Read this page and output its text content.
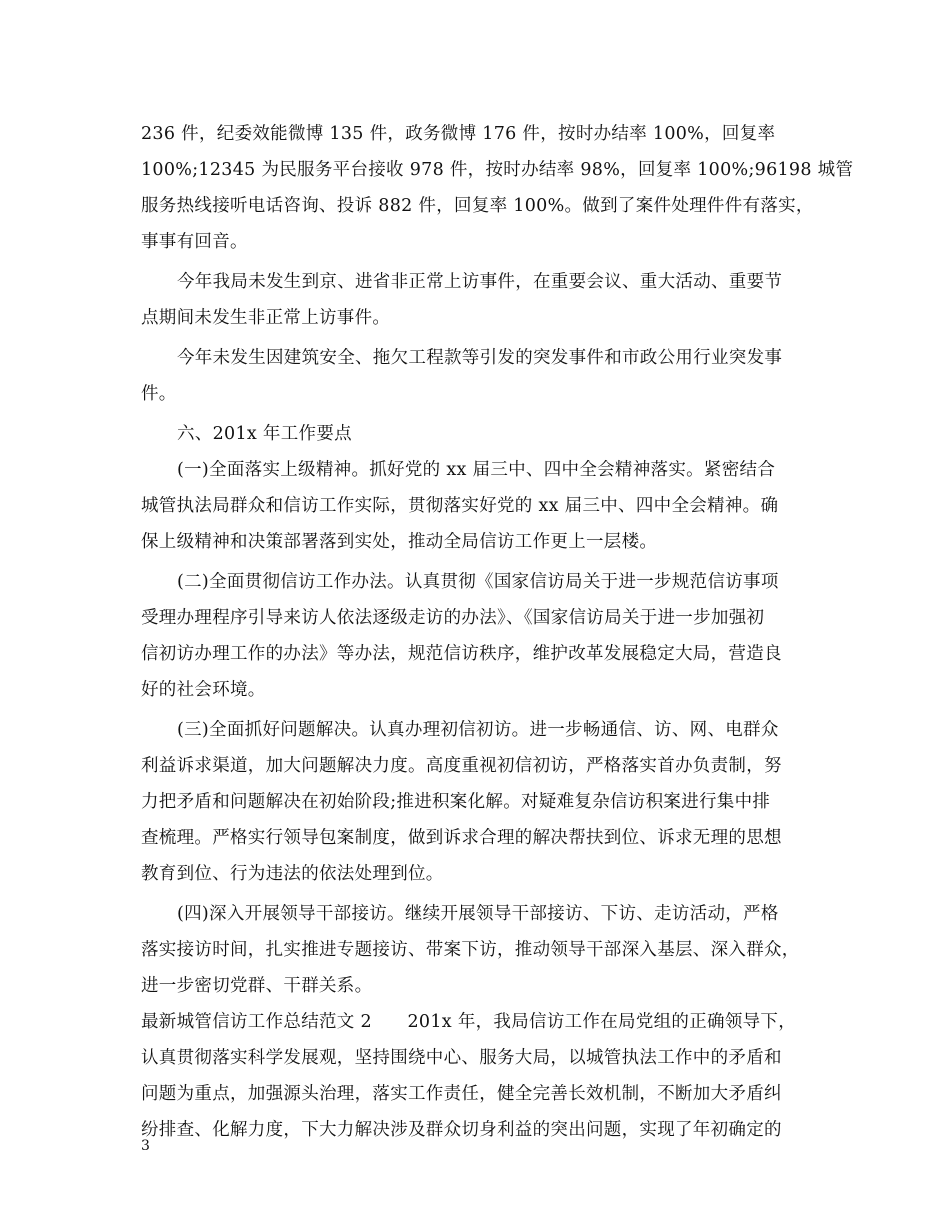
236 件，纪委效能微博 135 件，政务微博 176 件，按时办结率 100%，回复率
100%;12345 为民服务平台接收 978 件，按时办结率 98%，回复率 100%;96198 城管
服务热线接听电话咨询、投诉 882 件，回复率 100%。做到了案件处理件件有落实，
事事有回音。
今年我局未发生到京、进省非正常上访事件，在重要会议、重大活动、重要节
点期间未发生非正常上访事件。
今年未发生因建筑安全、拖欠工程款等引发的突发事件和市政公用行业突发事
件。
六、201x 年工作要点
(一)全面落实上级精神。抓好党的 xx 届三中、四中全会精神落实。紧密结合
城管执法局群众和信访工作实际，贯彻落实好党的 xx 届三中、四中全会精神。确
保上级精神和决策部署落到实处，推动全局信访工作更上一层楼。
(二)全面贯彻信访工作办法。认真贯彻《国家信访局关于进一步规范信访事项
受理办理程序引导来访人依法逐级走访的办法》、《国家信访局关于进一步加强初
信初访办理工作的办法》等办法，规范信访秩序，维护改革发展稳定大局，营造良
好的社会环境。
(三)全面抓好问题解决。认真办理初信初访。进一步畅通信、访、网、电群众
利益诉求渠道，加大问题解决力度。高度重视初信初访，严格落实首办负责制，努
力把矛盾和问题解决在初始阶段;推进积案化解。对疑难复杂信访积案进行集中排
查梳理。严格实行领导包案制度，做到诉求合理的解决帮扶到位、诉求无理的思想
教育到位、行为违法的依法处理到位。
(四)深入开展领导干部接访。继续开展领导干部接访、下访、走访活动，严格
落实接访时间，扎实推进专题接访、带案下访，推动领导干部深入基层、深入群众，
进一步密切党群、干群关系。
最新城管信访工作总结范文 2　　201x 年，我局信访工作在局党组的正确领导下，
认真贯彻落实科学发展观，坚持围绕中心、服务大局，以城管执法工作中的矛盾和
问题为重点，加强源头治理，落实工作责任，健全完善长效机制，不断加大矛盾纠
纷排查、化解力度，下大力解决涉及群众切身利益的突出问题，实现了年初确定的
3
